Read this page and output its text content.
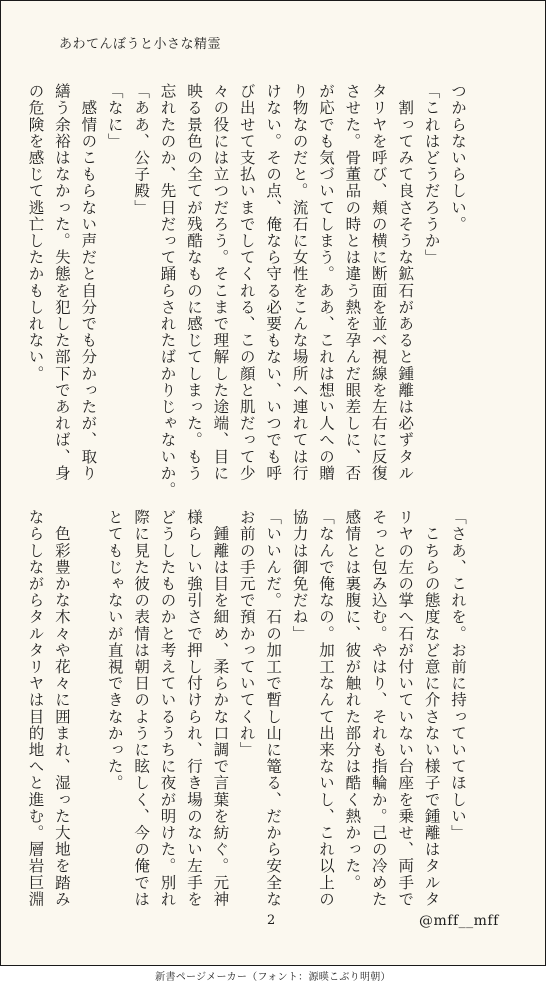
あわてんぼうと小さな精霊

つからないらしい。

「これはどうだろうか」

　割ってみて良さそうな鉱石があると鍾離は必ずタル

タリヤを呼び、頬の横に断面を並べ視線を左右に反復

させた。骨董品の時とは違う熱を孕んだ眼差しに、否

が応でも気づいてしまう。ああ、これは想い人への贈

り物なのだと。流石に女性をこんな場所へ連れては行

けない。その点、俺なら守る必要もない、いつでも呼

び出せて支払いまでしてくれる、この顔と肌だって少

々の役には立つだろう。そこまで理解した途端、目に

映る景色の全てが残酷なものに感じてしまった。もう

忘れたのか、先日だって踊らされたばかりじゃないか。

「ああ、公子殿」

「なに」

　感情のこもらない声だと自分でも分かったが、取り

繕う余裕はなかった。失態を犯した部下であれば、身

の危険を感じて逃亡したかもしれない。

「さあ、これを。お前に持っていてほしい」

　こちらの態度など意に介さない様子で鍾離はタルタ

リヤの左の掌へ石が付いていない台座を乗せ、両手で

そっと包み込む。やはり、それも指輪か。己の冷めた

感情とは裏腹に、彼が触れた部分は酷く熱かった。

「なんで俺なの。加工なんて出来ないし、これ以上の

協力は御免だね」

「いいんだ。石の加工で暫し山に篭る、だから安全な

お前の手元で預かっていてくれ」

　鍾離は目を細め、柔らかな口調で言葉を紡ぐ。元神

様らしい強引さで押し付けられ、行き場のない左手を

どうしたものかと考えているうちに夜が明けた。別れ

際に見た彼の表情は朝日のように眩しく、今の俺では

とてもじゃないが直視できなかった。

　色彩豊かな木々や花々に囲まれ、湿った大地を踏み

ならしながらタルタリヤは目的地へと進む。層岩巨淵

2	@mff__mff
新書ページメーカー（フォント：源暎こぶり明朝）
